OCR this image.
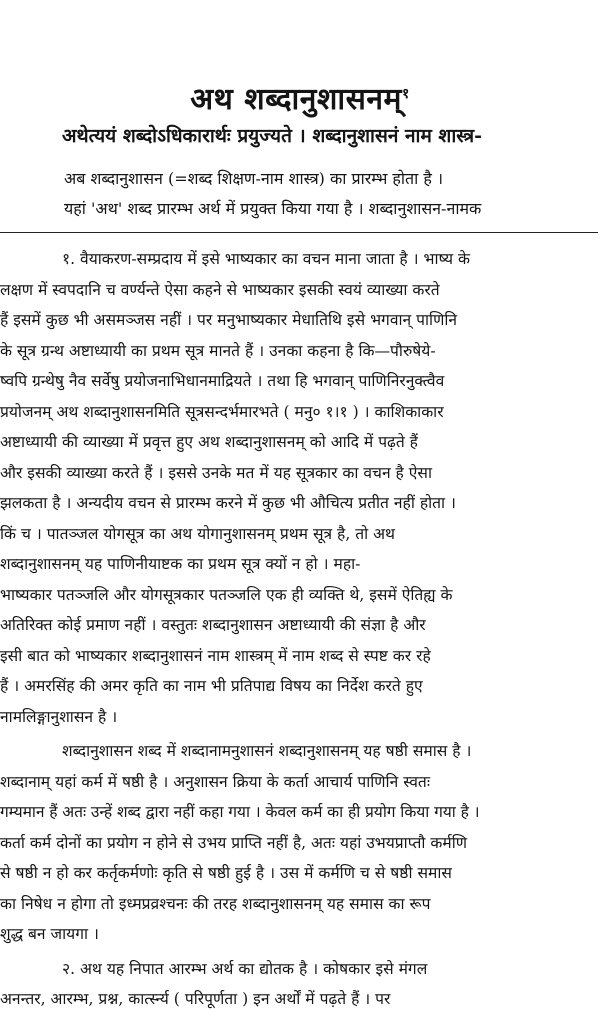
अथ शब्दानुशासनम्$^१$
अथेत्ययं शब्दोऽधिकारार्थः प्रयुज्यते । शब्दानुशासनं नाम शास्त्र-
अब शब्दानुशासन (=शब्द शिक्षण-नाम शास्त्र) का प्रारम्भ होता है ।
यहां 'अथ' शब्द प्रारम्भ अर्थ में प्रयुक्त किया गया है । शब्दानुशासन-नामक
१. वैयाकरण-सम्प्रदाय में इसे भाष्यकार का वचन माना जाता है । भाष्य के
लक्षण में स्वपदानि च वर्ण्यन्ते ऐसा कहने से भाष्यकार इसकी स्वयं व्याख्या करते
हैं इसमें कुछ भी असमञ्जस नहीं । पर मनुभाष्यकार मेधातिथि इसे भगवान् पाणिनि
के सूत्र ग्रन्थ अष्टाध्यायी का प्रथम सूत्र मानते हैं । उनका कहना है कि—पौरुषेये-
ष्वपि ग्रन्थेषु नैव सर्वेषु प्रयोजनाभिधानमाद्रियते । तथा हि भगवान् पाणिनिरनुक्त्वैव
प्रयोजनम् अथ शब्दानुशासनमिति सूत्रसन्दर्भमारभते ( मनु० १।१ ) । काशिकाकार
अष्टाध्यायी की व्याख्या में प्रवृत्त हुए अथ शब्दानुशासनम् को आदि में पढ़ते हैं
और इसकी व्याख्या करते हैं । इससे उनके मत में यह सूत्रकार का वचन है ऐसा
झलकता है । अन्यदीय वचन से प्रारम्भ करने में कुछ भी औचित्य प्रतीत नहीं होता ।
किं च । पातञ्जल योगसूत्र का अथ योगानुशासनम् प्रथम सूत्र है, तो अथ
शब्दानुशासनम् यह पाणिनीयाष्टक का प्रथम सूत्र क्यों न हो । महा-
भाष्यकार पतञ्जलि और योगसूत्रकार पतञ्जलि एक ही व्यक्ति थे, इसमें ऐतिह्य के
अतिरिक्त कोई प्रमाण नहीं । वस्तुतः शब्दानुशासन अष्टाध्यायी की संज्ञा है और
इसी बात को भाष्यकार शब्दानुशासनं नाम शास्त्रम् में नाम शब्द से स्पष्ट कर रहे
हैं । अमरसिंह की अमर कृति का नाम भी प्रतिपाद्य विषय का निर्देश करते हुए
नामलिङ्गानुशासन है ।
शब्दानुशासन शब्द में शब्दानामनुशासनं शब्दानुशासनम् यह षष्ठी समास है ।
शब्दानाम् यहां कर्म में षष्ठी है । अनुशासन क्रिया के कर्ता आचार्य पाणिनि स्वतः
गम्यमान हैं अतः उन्हें शब्द द्वारा नहीं कहा गया । केवल कर्म का ही प्रयोग किया गया है ।
कर्ता कर्म दोनों का प्रयोग न होने से उभय प्राप्ति नहीं है, अतः यहां उभयप्राप्तौ कर्मणि
से षष्ठी न हो कर कर्तृकर्मणोः कृति से षष्ठी हुई है । उस में कर्मणि च से षष्ठी समास
का निषेध न होगा तो इध्मप्रव्रश्चनः की तरह शब्दानुशासनम् यह समास का रूप
शुद्ध बन जायगा ।
२. अथ यह निपात आरम्भ अर्थ का द्योतक है । कोषकार इसे मंगल
अनन्तर, आरम्भ, प्रश्न, कार्त्स्न्य ( परिपूर्णता ) इन अर्थों में पढ़ते हैं । पर
